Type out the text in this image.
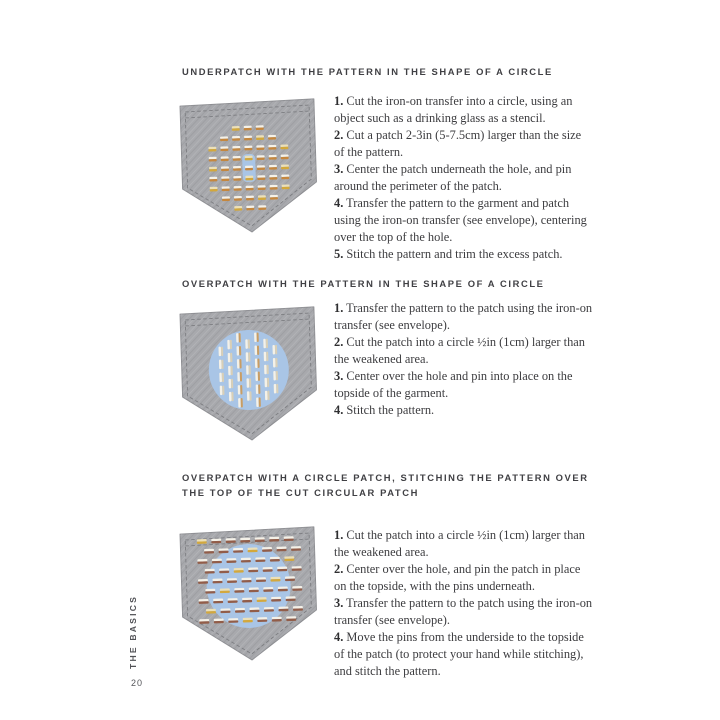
UNDERPATCH WITH THE PATTERN IN THE SHAPE OF A CIRCLE

1. Cut the iron-on transfer into a circle, using an object such as a drinking glass as a stencil.

2. Cut a patch 2-3in (5-7.5cm) larger than the size of the pattern.

3. Center the patch underneath the hole, and pin around the perimeter of the patch.

4. Transfer the pattern to the garment and patch using the iron-on transfer (see envelope), centering over the top of the hole.

5. Stitch the pattern and trim the excess patch.

OVERPATCH WITH THE PATTERN IN THE SHAPE OF A CIRCLE

1. Transfer the pattern to the patch using the iron-on transfer (see envelope).

2. Cut the patch into a circle ½in (1cm) larger than the weakened area.

3. Center over the hole and pin into place on the topside of the garment.

4. Stitch the pattern.

OVERPATCH WITH A CIRCLE PATCH, STITCHING THE PATTERN OVER THE TOP OF THE CUT CIRCULAR PATCH

1. Cut the patch into a circle ½in (1cm) larger than the weakened area.

2. Center over the hole, and pin the patch in place on the topside, with the pins underneath.

3. Transfer the pattern to the patch using the iron-on transfer (see envelope).

4. Move the pins from the underside to the topside of the patch (to protect your hand while stitching), and stitch the pattern.

THE BASICS
20
